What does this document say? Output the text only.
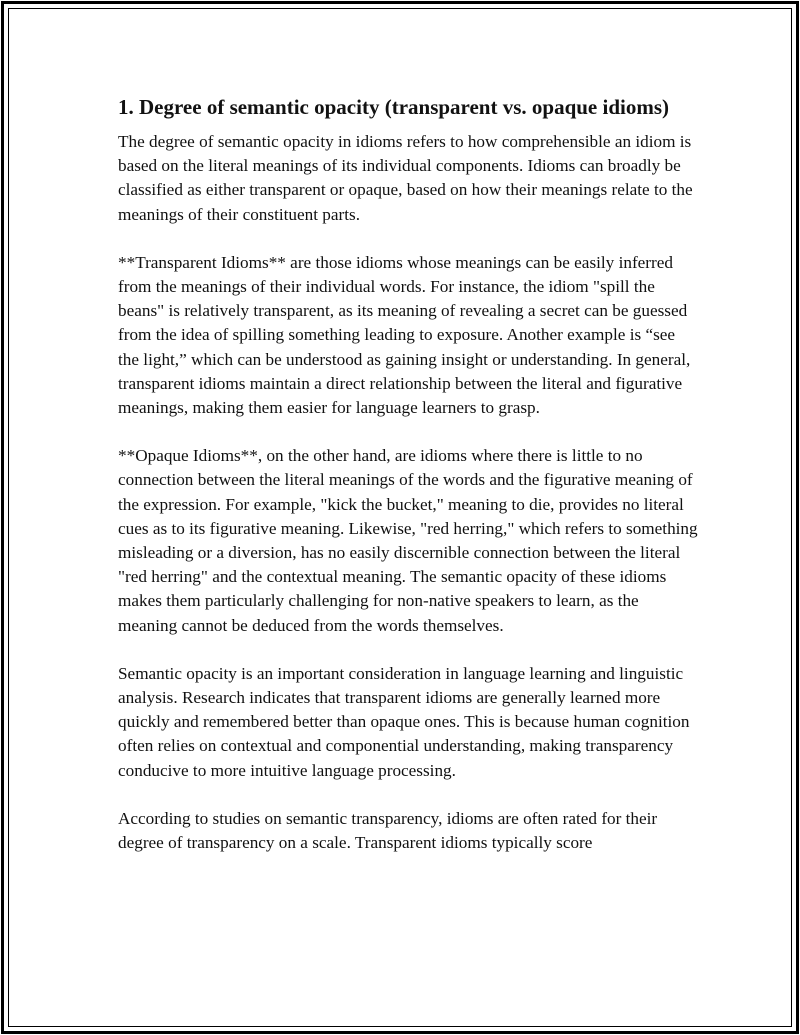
1. Degree of semantic opacity (transparent vs. opaque idioms)

The degree of semantic opacity in idioms refers to how comprehensible an idiom is based on the literal meanings of its individual components. Idioms can broadly be classified as either transparent or opaque, based on how their meanings relate to the meanings of their constituent parts.

**Transparent Idioms** are those idioms whose meanings can be easily inferred from the meanings of their individual words. For instance, the idiom "spill the beans" is relatively transparent, as its meaning of revealing a secret can be guessed from the idea of spilling something leading to exposure. Another example is “see the light,” which can be understood as gaining insight or understanding. In general, transparent idioms maintain a direct relationship between the literal and figurative meanings, making them easier for language learners to grasp.

**Opaque Idioms**, on the other hand, are idioms where there is little to no connection between the literal meanings of the words and the figurative meaning of the expression. For example, "kick the bucket," meaning to die, provides no literal cues as to its figurative meaning. Likewise, "red herring," which refers to something misleading or a diversion, has no easily discernible connection between the literal "red herring" and the contextual meaning. The semantic opacity of these idioms makes them particularly challenging for non-native speakers to learn, as the meaning cannot be deduced from the words themselves.

Semantic opacity is an important consideration in language learning and linguistic analysis. Research indicates that transparent idioms are generally learned more quickly and remembered better than opaque ones. This is because human cognition often relies on contextual and componential understanding, making transparency conducive to more intuitive language processing.

According to studies on semantic transparency, idioms are often rated for their degree of transparency on a scale. Transparent idioms typically score
